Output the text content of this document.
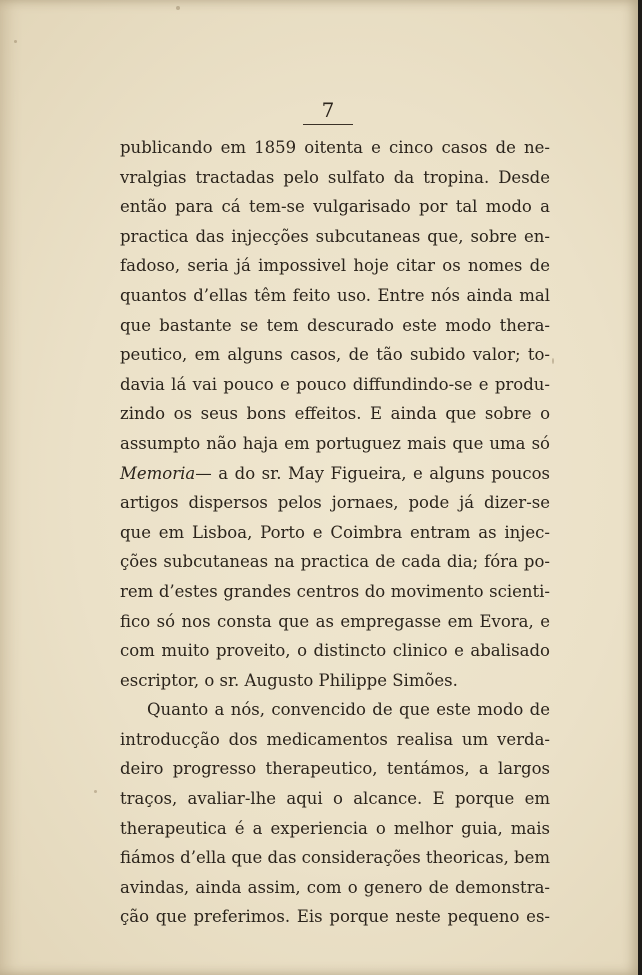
7
publicando em 1859 oitenta e cinco casos de ne-
vralgias tractadas pelo sulfato da tropina. Desde
então para cá tem-se vulgarisado por tal modo a
practica das injecções subcutaneas que, sobre en-
fadoso, seria já impossivel hoje citar os nomes de
quantos d’ellas têm feito uso. Entre nós ainda mal
que bastante se tem descurado este modo thera-
peutico, em alguns casos, de tão subido valor; to-
davia lá vai pouco e pouco diffundindo-se e produ-
zindo os seus bons effeitos. E ainda que sobre o
assumpto não haja em portuguez mais que uma só
Memoria— a do sr. May Figueira, e alguns poucos
artigos dispersos pelos jornaes, pode já dizer-se
que em Lisboa, Porto e Coimbra entram as injec-
ções subcutaneas na practica de cada dia; fóra po-
rem d’estes grandes centros do movimento scienti-
fico só nos consta que as empregasse em Evora, e
com muito proveito, o distincto clinico e abalisado
escriptor, o sr. Augusto Philippe Simões.
Quanto a nós, convencido de que este modo de
introducção dos medicamentos realisa um verda-
deiro progresso therapeutico, tentámos, a largos
traços, avaliar-lhe aqui o alcance. E porque em
therapeutica é a experiencia o melhor guia, mais
fiámos d’ella que das considerações theoricas, bem
avindas, ainda assim, com o genero de demonstra-
ção que preferimos. Eis porque neste pequeno es-
